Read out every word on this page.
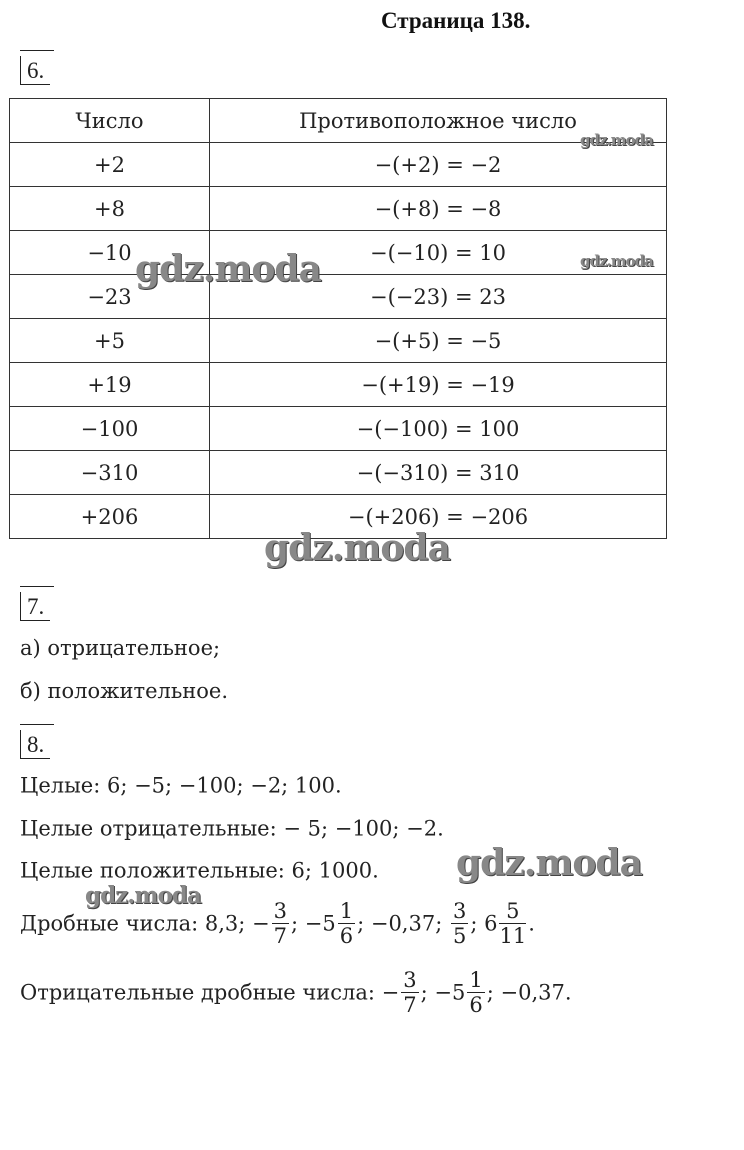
Страница 138.
6.
Число	Противоположное число
+2	−(+2) = −2
+8	−(+8) = −8
−10	−(−10) = 10
−23	−(−23) = 23
+5	−(+5) = −5
+19	−(+19) = −19
−100	−(−100) = 100
−310	−(−310) = 310
+206	−(+206) = −206
7.
а) отрицательное;
б) положительное.
8.
Целые: 6; −5; −100; −2; 100.
Целые отрицательные: − 5; −100; −2.
Целые положительные: 6; 1000.
Дробные числа: 8,3; − $\frac{3}{7}$ ; $-5 \frac{1}{6}$ ; −0,37; $\frac{3}{5}$ ; $6 \frac{5}{11}$ .
Отрицательные дробные числа: − $\frac{3}{7}$ ; $-5 \frac{1}{6}$ ; −0,37.
gdz.moda
gdz.moda
gdz.moda
gdz.moda
gdz.moda
gdz.moda
